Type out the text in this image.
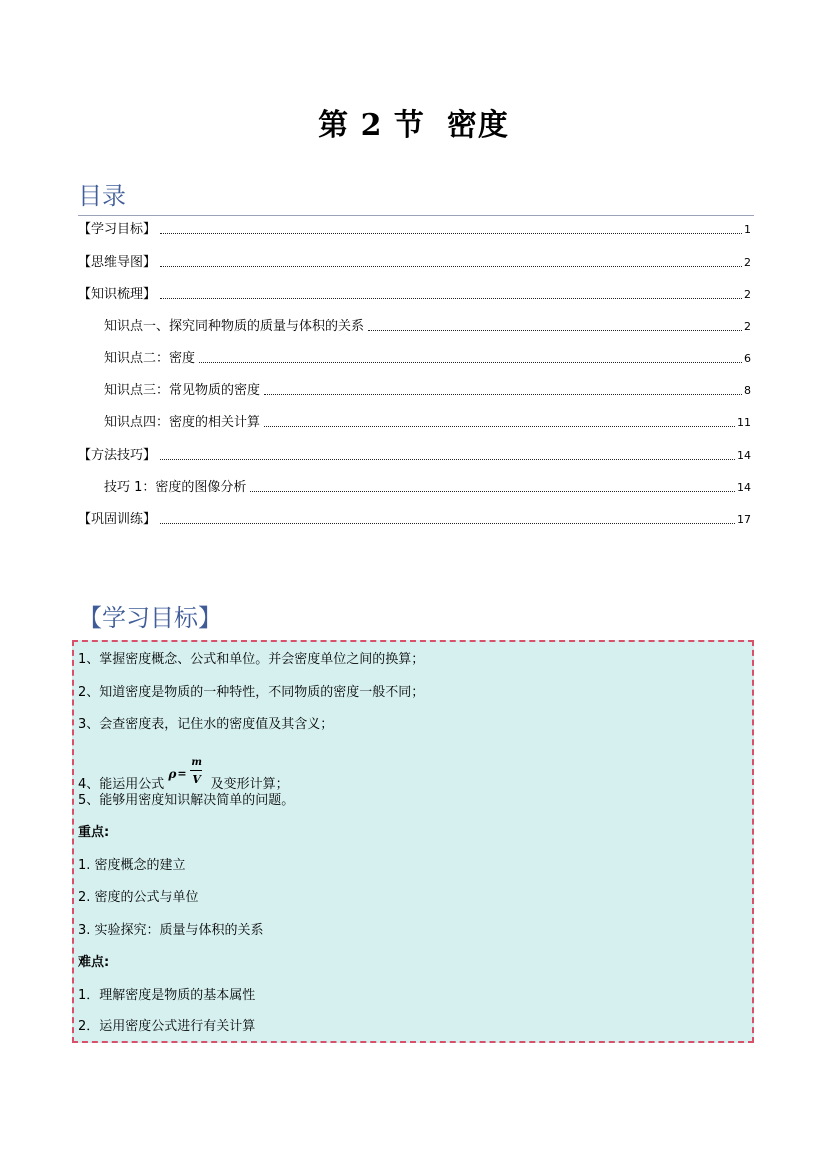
第 2 节 密度
目录
【学习目标】	1
【思维导图】	2
【知识梳理】	2
知识点一、探究同种物质的质量与体积的关系	2
知识点二：密度	6
知识点三：常见物质的密度	8
知识点四：密度的相关计算	11
【方法技巧】	14
技巧 1：密度的图像分析	14
【巩固训练】	17
【学习目标】
1、掌握密度概念、公式和单位。并会密度单位之间的换算；
2、知道密度是物质的一种特性，不同物质的密度一般不同；
3、会查密度表，记住水的密度值及其含义；
4、能运用公式
ρ =
m
V 及变形计算；
5、能够用密度知识解决简单的问题。
重点:
1. 密度概念的建立
2. 密度的公式与单位
3. 实验探究：质量与体积的关系
难点:
1．理解密度是物质的基本属性
2．运用密度公式进行有关计算
